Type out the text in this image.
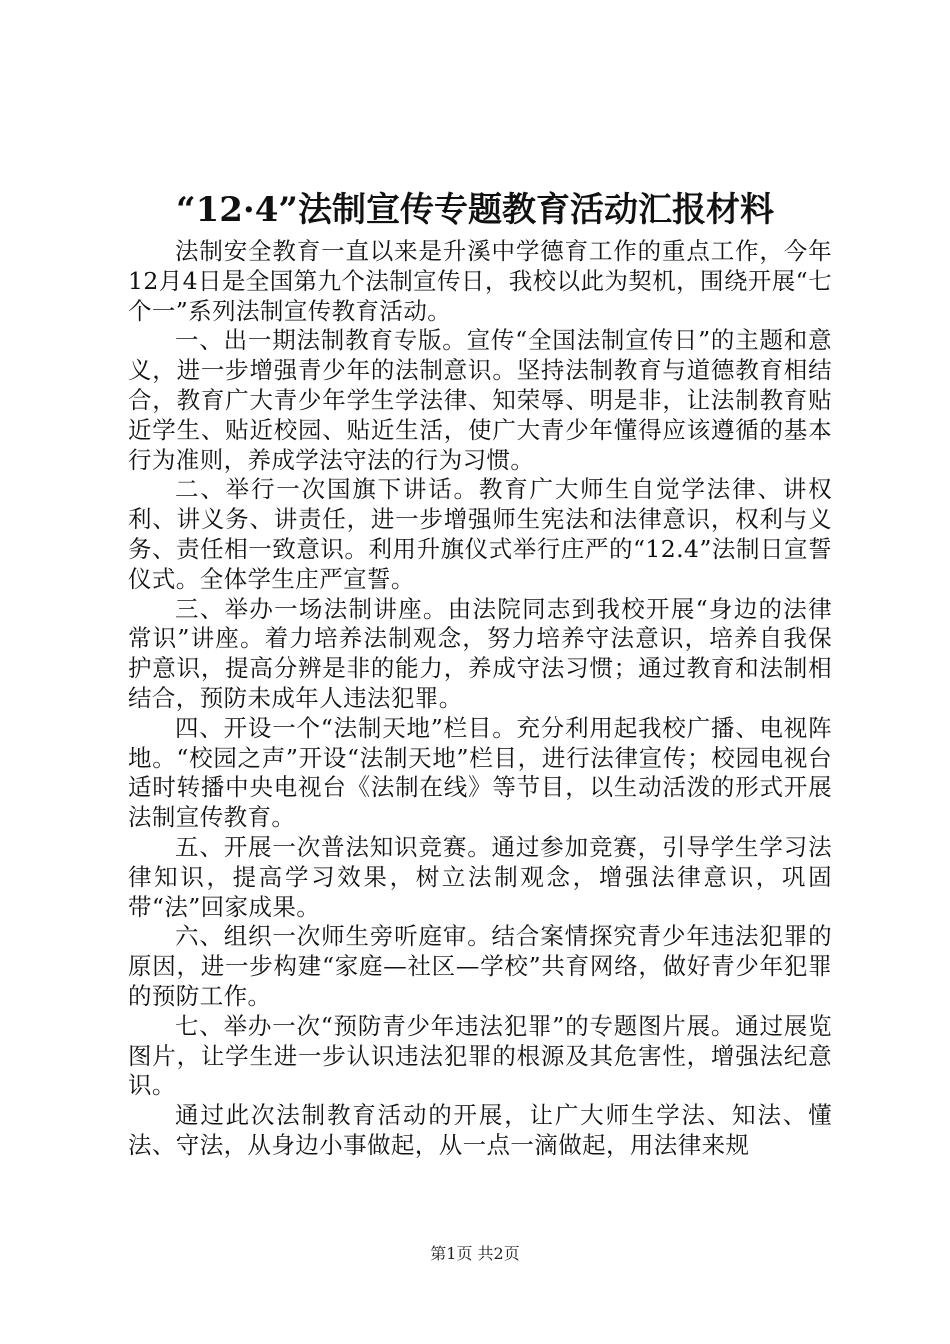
“12·4”法制宣传专题教育活动汇报材料

法制安全教育一直以来是升溪中学德育工作的重点工作，今年12月4日是全国第九个法制宣传日，我校以此为契机，围绕开展“七个一”系列法制宣传教育活动。

一、出一期法制教育专版。宣传“全国法制宣传日”的主题和意义，进一步增强青少年的法制意识。坚持法制教育与道德教育相结合，教育广大青少年学生学法律、知荣辱、明是非，让法制教育贴近学生、贴近校园、贴近生活，使广大青少年懂得应该遵循的基本行为准则，养成学法守法的行为习惯。

二、举行一次国旗下讲话。教育广大师生自觉学法律、讲权利、讲义务、讲责任，进一步增强师生宪法和法律意识，权利与义务、责任相一致意识。利用升旗仪式举行庄严的“12.4”法制日宣誓仪式。全体学生庄严宣誓。

三、举办一场法制讲座。由法院同志到我校开展“身边的法律常识”讲座。着力培养法制观念，努力培养守法意识，培养自我保护意识，提高分辨是非的能力，养成守法习惯；通过教育和法制相结合，预防未成年人违法犯罪。

四、开设一个“法制天地”栏目。充分利用起我校广播、电视阵地。“校园之声”开设“法制天地”栏目，进行法律宣传；校园电视台适时转播中央电视台《法制在线》等节目，以生动活泼的形式开展法制宣传教育。

五、开展一次普法知识竞赛。通过参加竞赛，引导学生学习法律知识，提高学习效果，树立法制观念，增强法律意识，巩固带“法”回家成果。

六、组织一次师生旁听庭审。结合案情探究青少年违法犯罪的原因，进一步构建“家庭—社区—学校”共育网络，做好青少年犯罪的预防工作。

七、举办一次“预防青少年违法犯罪”的专题图片展。通过展览图片，让学生进一步认识违法犯罪的根源及其危害性，增强法纪意识。

通过此次法制教育活动的开展，让广大师生学法、知法、懂法、守法，从身边小事做起，从一点一滴做起，用法律来规

第1页 共2页
